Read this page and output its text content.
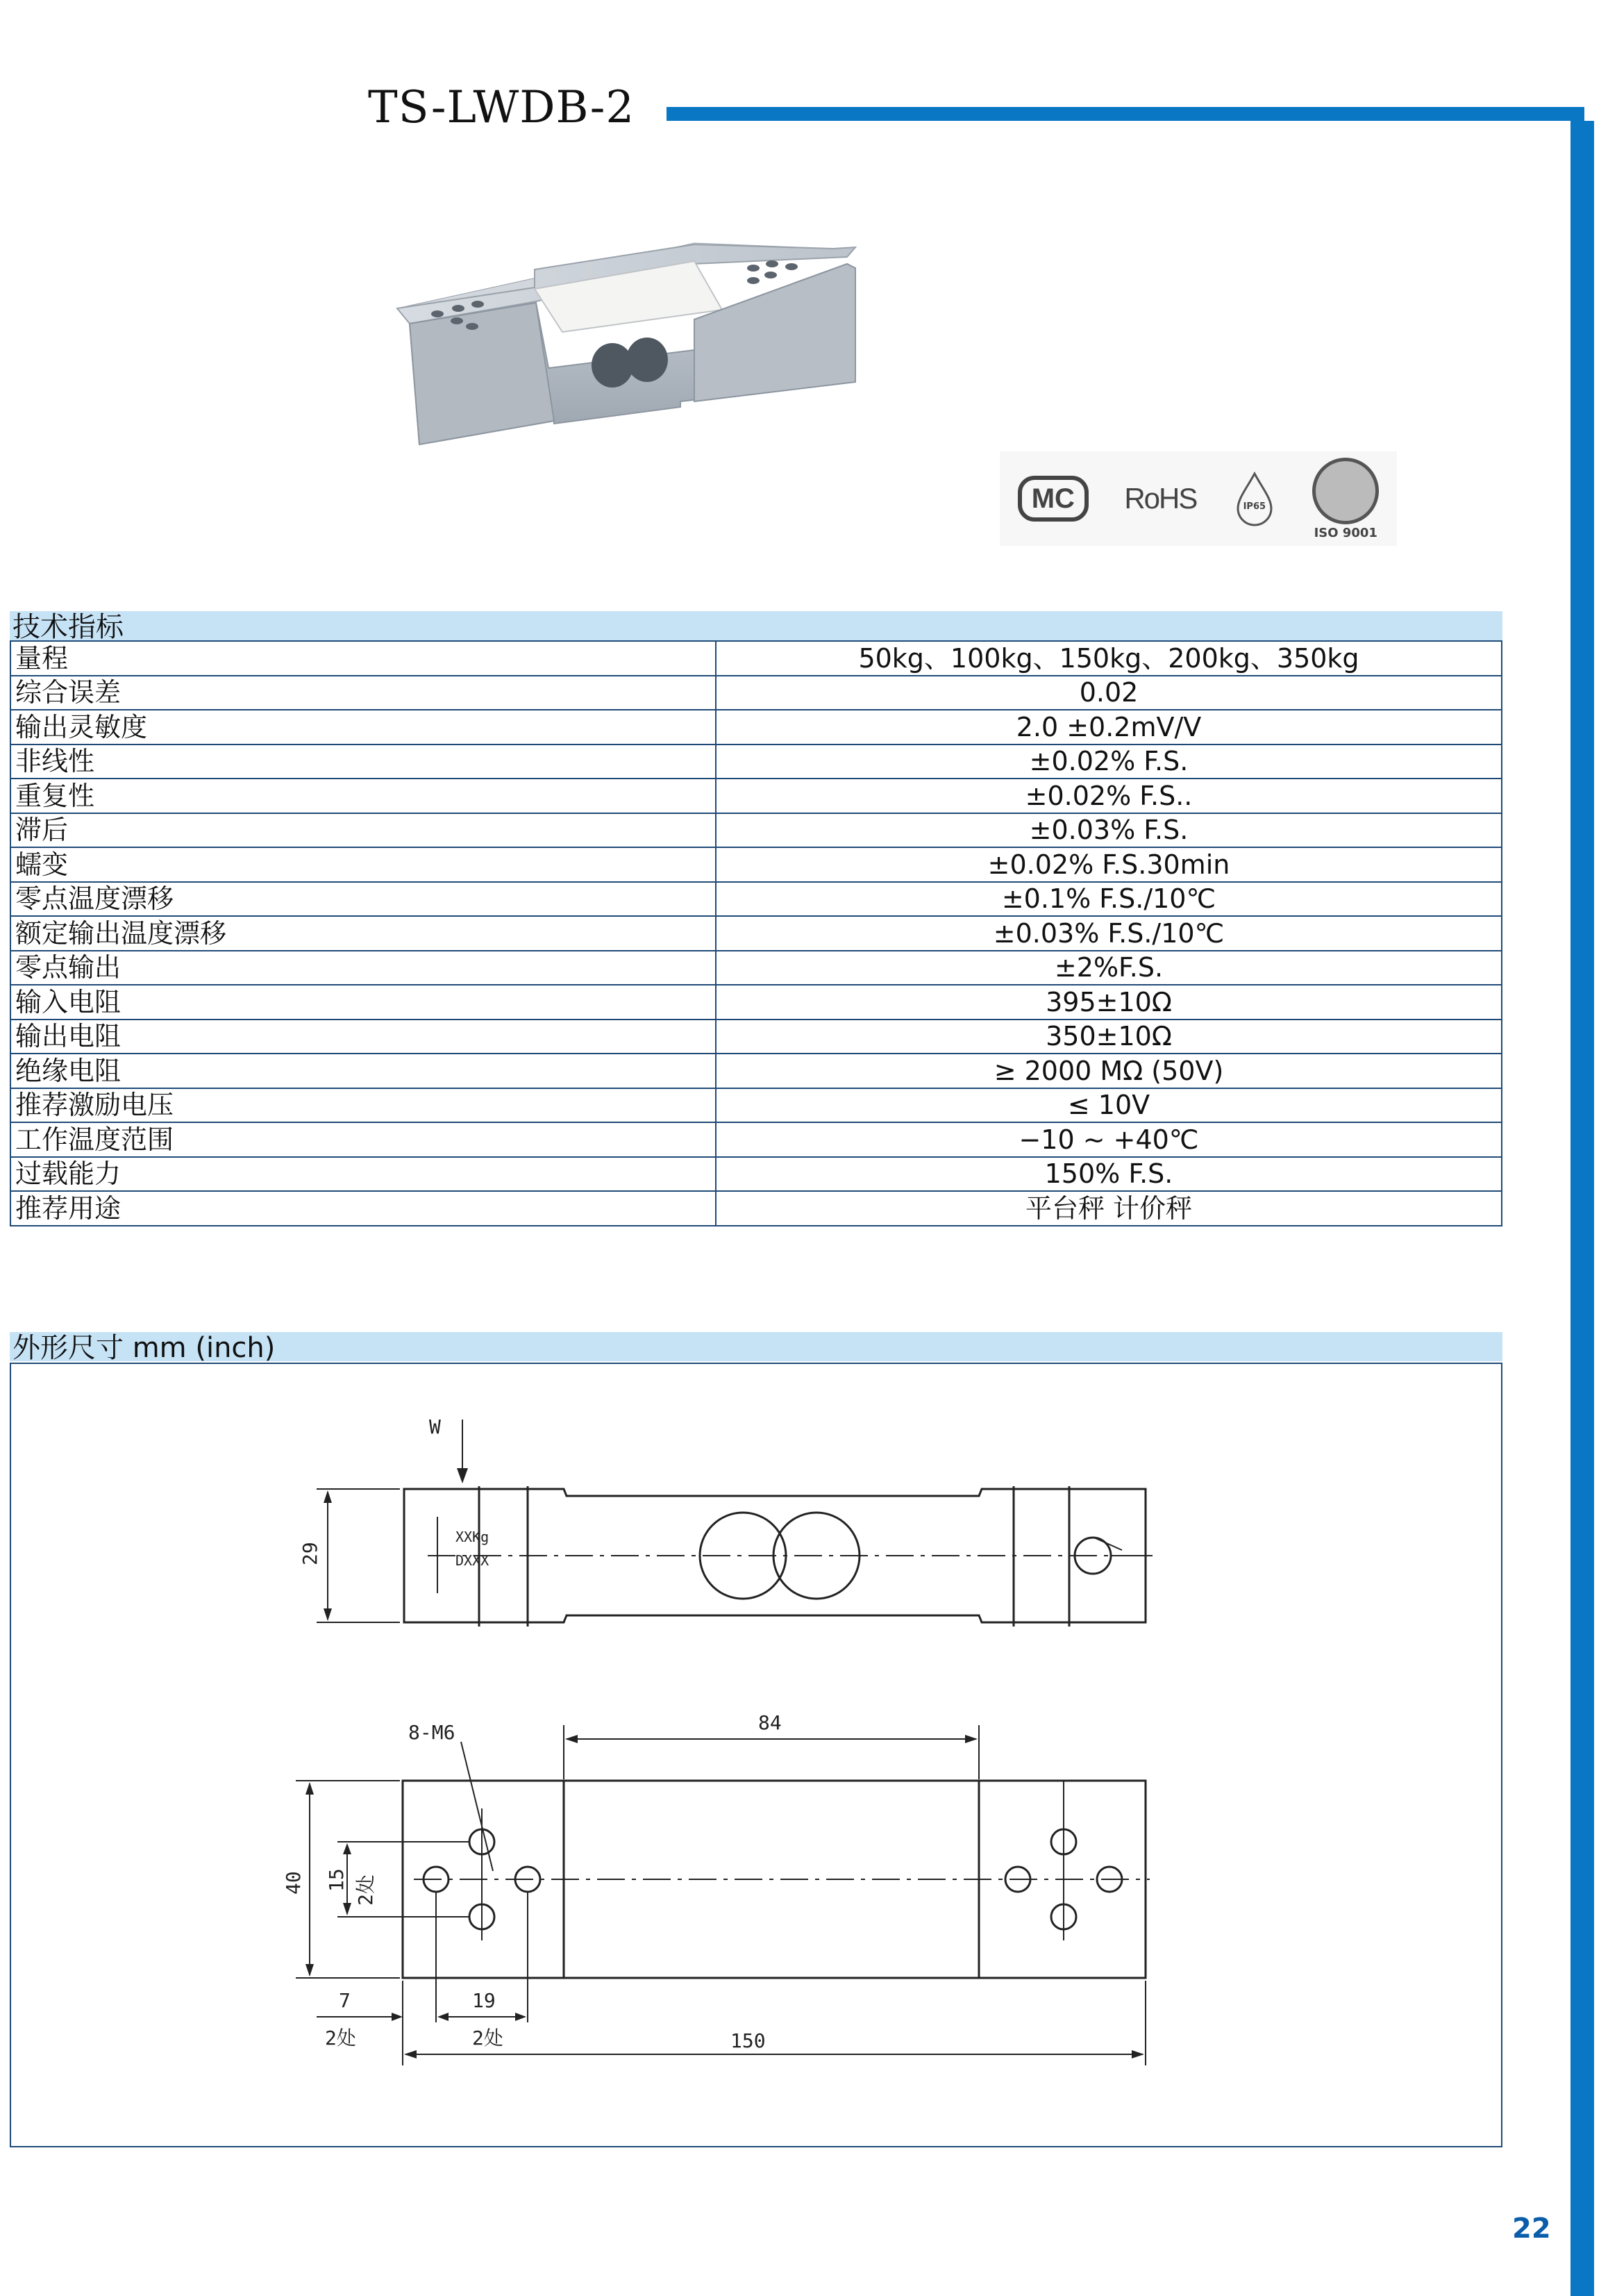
TS-LWDB-2
MC	RoHS	IP65
ISO 9001
技术指标
量程	50kg、100kg、150kg、200kg、350kg
综合误差	0.02
输出灵敏度	2.0 ±0.2mV/V
非线性	±0.02% F.S.
重复性	±0.02% F.S..
滞后	±0.03% F.S.
蠕变	±0.02% F.S.30min
零点温度漂移	±0.1% F.S./10℃
额定输出温度漂移	±0.03% F.S./10℃
零点输出	±2%F.S.
输入电阻	395±10Ω
输出电阻	350±10Ω
绝缘电阻	≥ 2000 MΩ (50V)
推荐激励电压	≤ 10V
工作温度范围	−10 ~ +40℃
过载能力	150% F.S.
推荐用途	平台秤 计价秤
外形尺寸 mm (inch)
W
29
XXKg
DXXX
8-M6	84
40 15 2处
7	19
2处	2处	150
22
